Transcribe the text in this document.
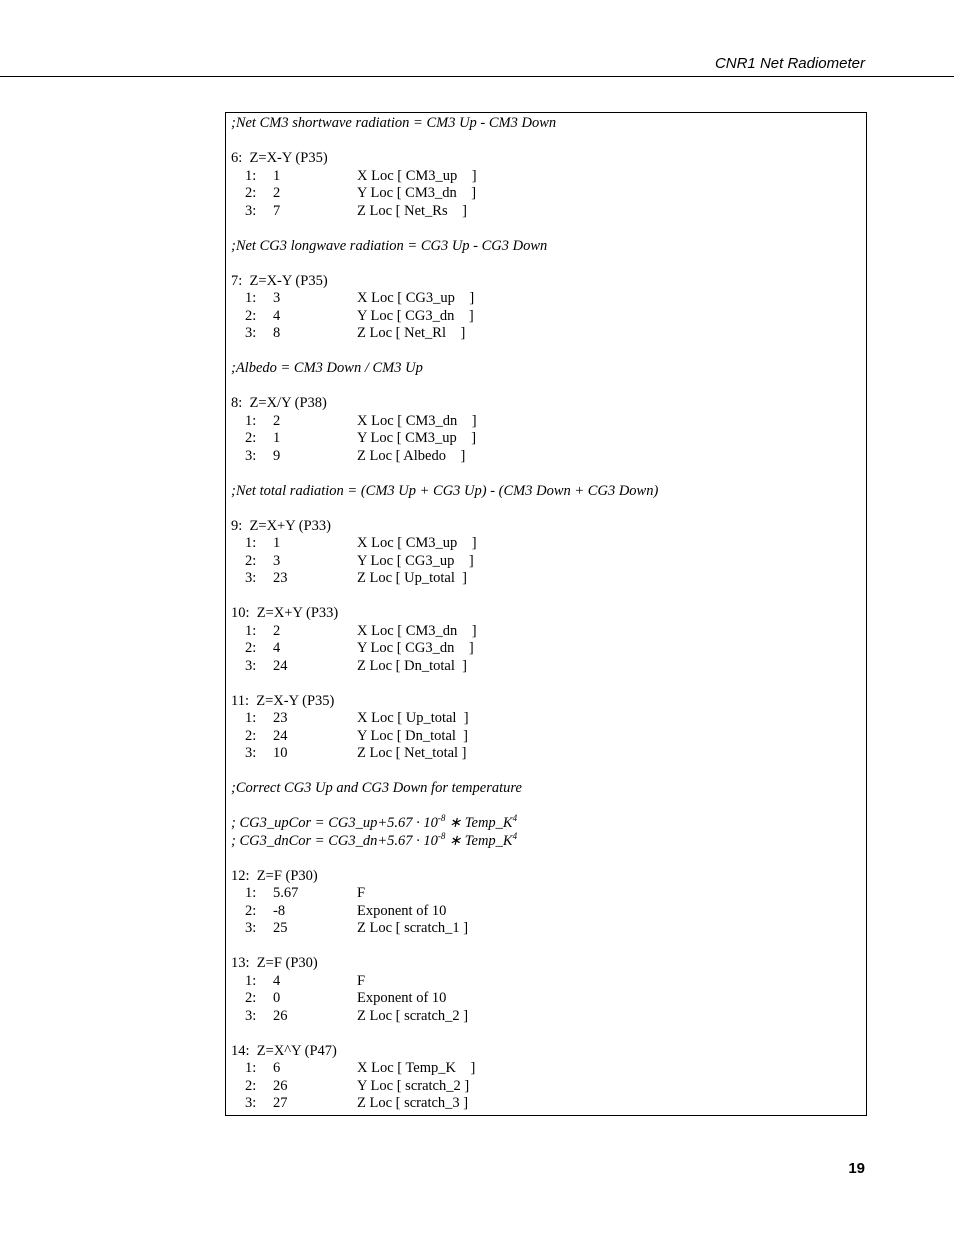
CNR1 Net Radiometer
;Net CM3 shortwave radiation = CM3 Up - CM3 Down
6:  Z=X-Y (P35)
1: 1	X Loc [ CM3_up    ]
2: 2	Y Loc [ CM3_dn    ]
3: 7	Z Loc [ Net_Rs    ]
;Net CG3 longwave radiation = CG3 Up - CG3 Down
7:  Z=X-Y (P35)
1: 3	X Loc [ CG3_up    ]
2: 4	Y Loc [ CG3_dn    ]
3: 8	Z Loc [ Net_Rl    ]
;Albedo = CM3 Down / CM3 Up
8:  Z=X/Y (P38)
1: 2	X Loc [ CM3_dn    ]
2: 1	Y Loc [ CM3_up    ]
3: 9	Z Loc [ Albedo    ]
;Net total radiation = (CM3 Up + CG3 Up) - (CM3 Down + CG3 Down)
9:  Z=X+Y (P33)
1: 1	X Loc [ CM3_up    ]
2: 3	Y Loc [ CG3_up    ]
3: 23	Z Loc [ Up_total  ]
10:  Z=X+Y (P33)
1: 2	X Loc [ CM3_dn    ]
2: 4	Y Loc [ CG3_dn    ]
3: 24	Z Loc [ Dn_total  ]
11:  Z=X-Y (P35)
1: 23	X Loc [ Up_total  ]
2: 24	Y Loc [ Dn_total  ]
3: 10	Z Loc [ Net_total ]
;Correct CG3 Up and CG3 Down for temperature
; CG3_upCor = CG3_up+5.67 · $10^{-8}$ ∗ $Temp\_K^4$
; CG3_dnCor = CG3_dn+5.67 · $10^{-8}$ ∗ $Temp\_K^4$
12:  Z=F (P30)
1: 5.67	F
2: -8	Exponent of 10
3: 25	Z Loc [ scratch_1 ]
13:  Z=F (P30)
1: 4	F
2: 0	Exponent of 10
3: 26	Z Loc [ scratch_2 ]
14:  Z=X^Y (P47)
1: 6	X Loc [ Temp_K    ]
2: 26	Y Loc [ scratch_2 ]
3: 27	Z Loc [ scratch_3 ]
19
